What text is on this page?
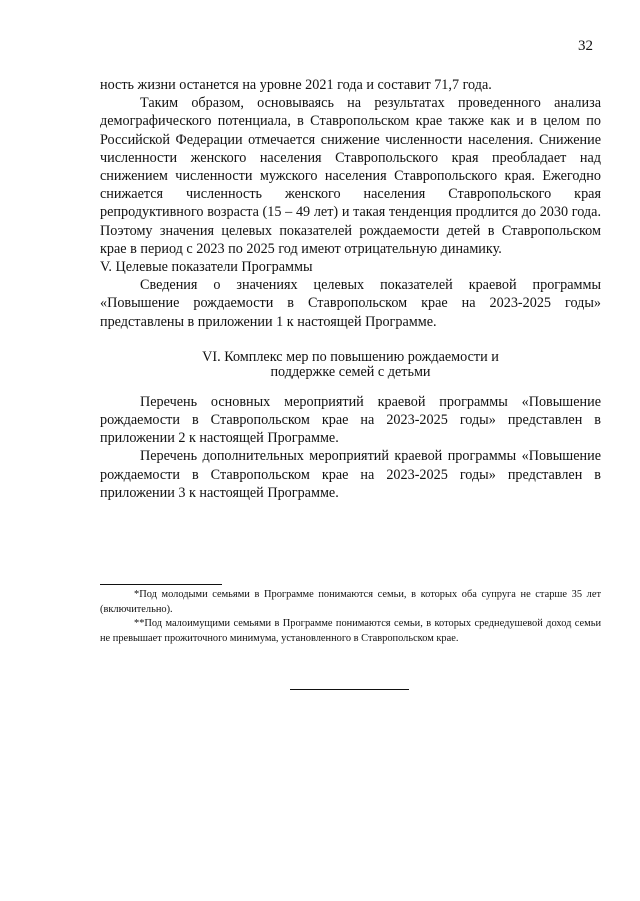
32

ность жизни останется на уровне 2021 года и составит 71,7 года.

Таким образом, основываясь на результатах проведенного анализа демографического потенциала, в Ставропольском крае также как и в целом по Российской Федерации отмечается снижение численности населения. Снижение численности женского населения Ставропольского края преобладает над снижением численности мужского населения Ставропольского края. Ежегодно снижается численность женского населения Ставропольского края репродуктивного возраста (15 – 49 лет) и такая тенденция продлится до 2030 года. Поэтому значения целевых показателей рождаемости детей в Ставропольском крае в период с 2023 по 2025 год имеют отрицательную динамику.

V. Целевые показатели Программы

Сведения о значениях целевых показателей краевой программы «Повышение рождаемости в Ставропольском крае на 2023-2025 годы» представлены в приложении 1 к настоящей Программе.

VI. Комплекс мер по повышению рождаемости и
поддержке семей с детьми

Перечень основных мероприятий краевой программы «Повышение рождаемости в Ставропольском крае на 2023-2025 годы» представлен в приложении 2 к настоящей Программе.

Перечень дополнительных мероприятий краевой программы «Повышение рождаемости в Ставропольском крае на 2023-2025 годы» представлен в приложении 3 к настоящей Программе.

*Под молодыми семьями в Программе понимаются семьи, в которых оба супруга не старше 35 лет (включительно).

**Под малоимущими семьями в Программе понимаются семьи, в которых среднедушевой доход семьи не превышает прожиточного минимума, установленного в Ставропольском крае.
